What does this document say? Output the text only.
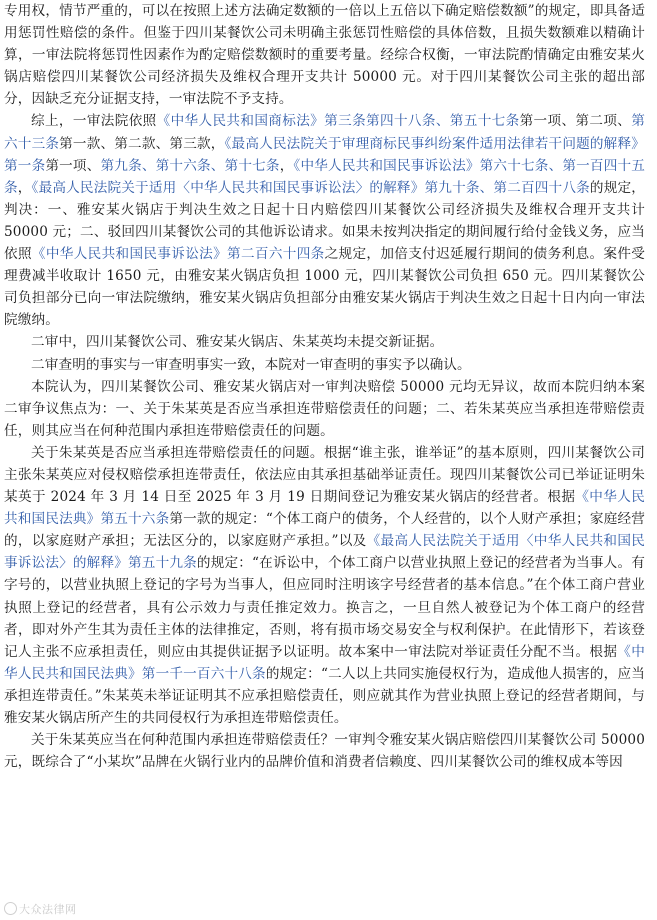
专用权，情节严重的，可以在按照上述方法确定数额的一倍以上五倍以下确定赔偿数额”的规定，即具备适用惩罚性赔偿的条件。但鉴于四川某餐饮公司未明确主张惩罚性赔偿的具体倍数，且损失数额难以精确计算，一审法院将惩罚性因素作为酌定赔偿数额时的重要考量。经综合权衡，一审法院酌情确定由雅安某火锅店赔偿四川某餐饮公司经济损失及维权合理开支共计 50000 元。对于四川某餐饮公司主张的超出部分，因缺乏充分证据支持，一审法院不予支持。

综上，一审法院依照《中华人民共和国商标法》第三条第四十八条、第五十七条第一项、第二项、第六十三条第一款、第二款、第三款，《最高人民法院关于审理商标民事纠纷案件适用法律若干问题的解释》第一条第一项、第九条、第十六条、第十七条，《中华人民共和国民事诉讼法》第六十七条、第一百四十五条，《最高人民法院关于适用〈中华人民共和国民事诉讼法〉的解释》第九十条、第二百四十八条的规定，判决：一、雅安某火锅店于判决生效之日起十日内赔偿四川某餐饮公司经济损失及维权合理开支共计 50000 元；二、驳回四川某餐饮公司的其他诉讼请求。如果未按判决指定的期间履行给付金钱义务，应当依照《中华人民共和国民事诉讼法》第二百六十四条之规定，加倍支付迟延履行期间的债务利息。案件受理费减半收取计 1650 元，由雅安某火锅店负担 1000 元，四川某餐饮公司负担 650 元。四川某餐饮公司负担部分已向一审法院缴纳，雅安某火锅店负担部分由雅安某火锅店于判决生效之日起十日内向一审法院缴纳。

二审中，四川某餐饮公司、雅安某火锅店、朱某英均未提交新证据。

二审查明的事实与一审查明事实一致，本院对一审查明的事实予以确认。

本院认为，四川某餐饮公司、雅安某火锅店对一审判决赔偿 50000 元均无异议，故而本院归纳本案二审争议焦点为：一、关于朱某英是否应当承担连带赔偿责任的问题；二、若朱某英应当承担连带赔偿责任，则其应当在何种范围内承担连带赔偿责任的问题。

关于朱某英是否应当承担连带赔偿责任的问题。根据“谁主张，谁举证”的基本原则，四川某餐饮公司主张朱某英应对侵权赔偿承担连带责任，依法应由其承担基础举证责任。现四川某餐饮公司已举证证明朱某英于 2024 年 3 月 14 日至 2025 年 3 月 19 日期间登记为雅安某火锅店的经营者。根据《中华人民共和国民法典》第五十六条第一款的规定：“个体工商户的债务，个人经营的，以个人财产承担；家庭经营的，以家庭财产承担；无法区分的，以家庭财产承担。”以及《最高人民法院关于适用〈中华人民共和国民事诉讼法〉的解释》第五十九条的规定：“在诉讼中，个体工商户以营业执照上登记的经营者为当事人。有字号的，以营业执照上登记的字号为当事人，但应同时注明该字号经营者的基本信息。”在个体工商户营业执照上登记的经营者，具有公示效力与责任推定效力。换言之，一旦自然人被登记为个体工商户的经营者，即对外产生其为责任主体的法律推定，否则，将有损市场交易安全与权利保护。在此情形下，若该登记人主张不应承担责任，则应由其提供证据予以证明。故本案中一审法院对举证责任分配不当。根据《中华人民共和国民法典》第一千一百六十八条的规定：“二人以上共同实施侵权行为，造成他人损害的，应当承担连带责任。”朱某英未举证证明其不应承担赔偿责任，则应就其作为营业执照上登记的经营者期间，与雅安某火锅店所产生的共同侵权行为承担连带赔偿责任。

关于朱某英应当在何种范围内承担连带赔偿责任？一审判令雅安某火锅店赔偿四川某餐饮公司 50000 元，既综合了“小某坎”品牌在火锅行业内的品牌价值和消费者信赖度、四川某餐饮公司的维权成本等因

大众法律网
